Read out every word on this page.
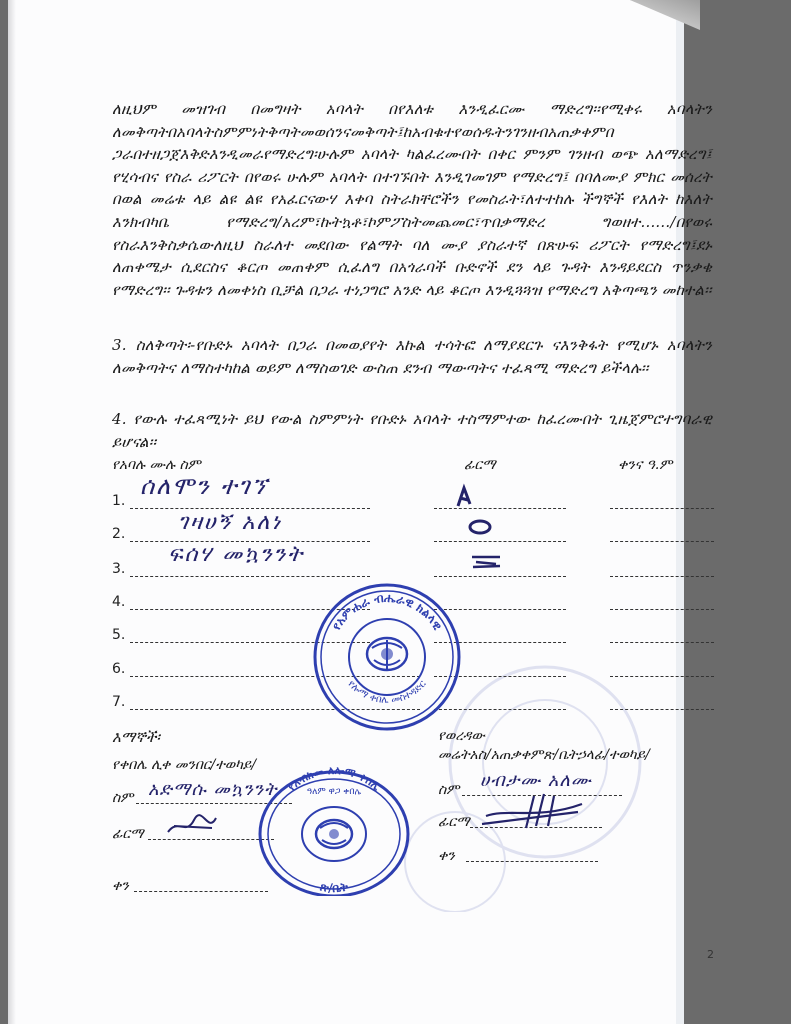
ለዚህም መዝገብ በመግዛት አባላት በየእለቱ እንዲፈርሙ ማድረግ፡፡የሚቀሩ አባላትን ለመቅጣትበአባላትስምምነትቅጣትመወሰንናመቅጣት፤ከአብቁተየወሰዱትንገንዘብአጠቃቀምበ ጋራበተዘጋጀእቅድእንዲመራየማድረግ፡ሁሉም አባላት ካልፈረሙበት በቀር ምንም ገንዘብ ወጭ አለማድረግ፤ የሂሳብና የስራ ሪፖርት በየወሩ ሁሉም አባላት በተገኙበት እንዲገመገም የማድረግ፤ በባለሙያ ምክር መሰረት በወል መሬቱ ላይ ልዩ ልዩ የአፈርናውሃ እቀባ ስትራክቸሮችን የመስራት፣ለተተከሉ ችግኞች የእለት ከእለት እንክብካቤ የማድረግ/አረም፣ኩትኳቶ፣ኮምፖስትመጨመር፣ጥበቃማድረ ግወዘተ....../በየወሩ የስራእንቅስቃሴውለዚህ ስራለተ መደበው የልማት ባለ ሙያ ያስራተኛ በጽሁፍ ሪፖርት የማድረግ፤ደኑ ለጠቀሜታ ሲደርስና ቆርጦ መጠቀም ሲፈለግ በአጎራባች ቡድኖች ደን ላይ ጉዳት እንዳይደርስ ጥንቃቄ የማድረግ፡፡ ጉዳቱን ለመቀነስ ቢቻል በጋራ ተነጋግሮ አንድ ላይ ቆርጦ እንዲጓጓዝ የማድረግ አቅጣጫን መከተል፡፡
3. ስለቅጣት፡-የቡድኑ አባላት በጋራ በመወያየት እኩል ተሳትፎ ለማያደርጉ ናእንቅፋት የሚሆኑ አባላትን ለመቅጣትና ለማስተካከል ወይም ለማስወገድ ውስጠ ደንብ ማውጣትና ተፈጻሚ ማድረግ ይችላሉ፡፡
4. የውሉ ተፈጻሚነት ይህ የውል ስምምነት የቡድኑ አባላት ተስማምተው ከፈረሙበት ጊዜጀምሮተግባራዊ ይሆናል፡፡
የአባሉ ሙሉ ስም	ፊርማ	ቀንና ዓ.ም
1.
2.
3.
4.
5.
6.
7.
ሰለሞን ተገኘ
ገዛሀኝ አለነ
ፍሰሃ መኳንንት
እማኞች፡
የቀበሌ ሊቀ መንበር/ተወካይ/
ስም አድማሱ መኳንንት
ፊርማ
ቀን
የወረዳው
መሬትአስ/አጠቃቀምጽ/ቤትኃላፊ/ተወካይ/
ስም ሀብታሙ አለሙ
ፊርማ
ቀን
የአምሐራ ብሔራዊ ክልላዊ
የሎማ ቀበሌ መስተዳድር
የአብክመ ለሎማ ቀበሌ
ዓለም ዋጋ ቀበሌ
ጽ/ቤት
2
